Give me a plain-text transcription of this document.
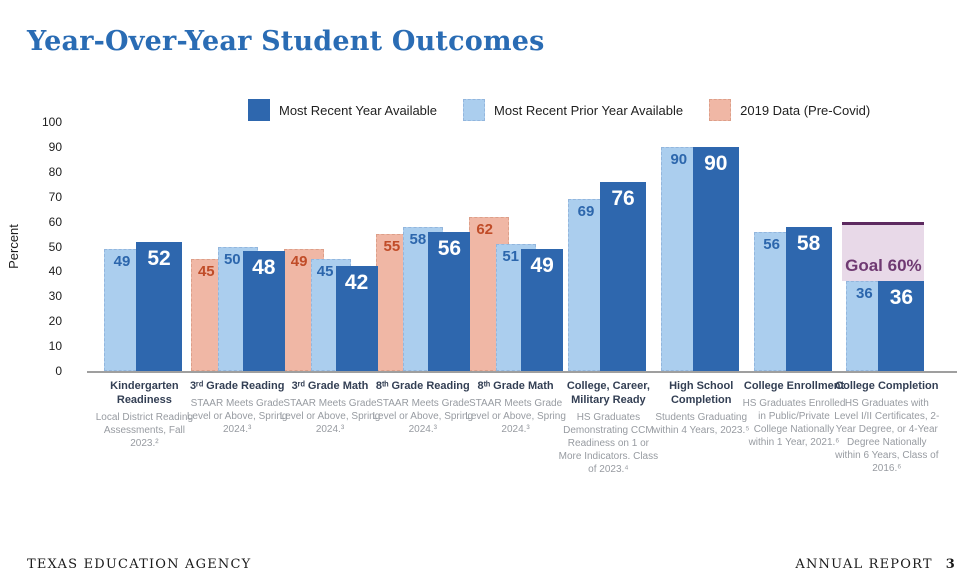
Year-Over-Year Student Outcomes
Most Recent Year Available	Most Recent Prior Year Available	2019 Data (Pre-Covid)
Percent
0
10
20
30
40
50
60
70
80
90
100
49 52
45
50 48	49
45 42
55 58 56
62
51 49
69
76
90 90
56 58
36 36
Goal 60%
Kindergarten Readiness
Local District Reading Assessments, Fall 2023.²
3ʳᵈ Grade Reading
STAAR Meets Grade Level or Above, Spring 2024.³
3ʳᵈ Grade Math
STAAR Meets Grade Level or Above, Spring 2024.³
8ᵗʰ Grade Reading
STAAR Meets Grade Level or Above, Spring 2024.³
8ᵗʰ Grade Math
STAAR Meets Grade Level or Above, Spring 2024.³
College, Career, Military Ready
HS Graduates Demonstrating CCM Readiness on 1 or More Indicators. Class of 2023.⁴
High School Completion
Students Graduating within 4 Years, 2023.⁵
College Enrollment
HS Graduates Enrolled in Public/Private College Nationally within 1 Year, 2021.⁶
College Completion
HS Graduates with Level I/II Certificates, 2-Year Degree, or 4-Year Degree Nationally within 6 Years, Class of 2016.⁶
TEXAS EDUCATION AGENCY	ANNUAL REPORT 3
